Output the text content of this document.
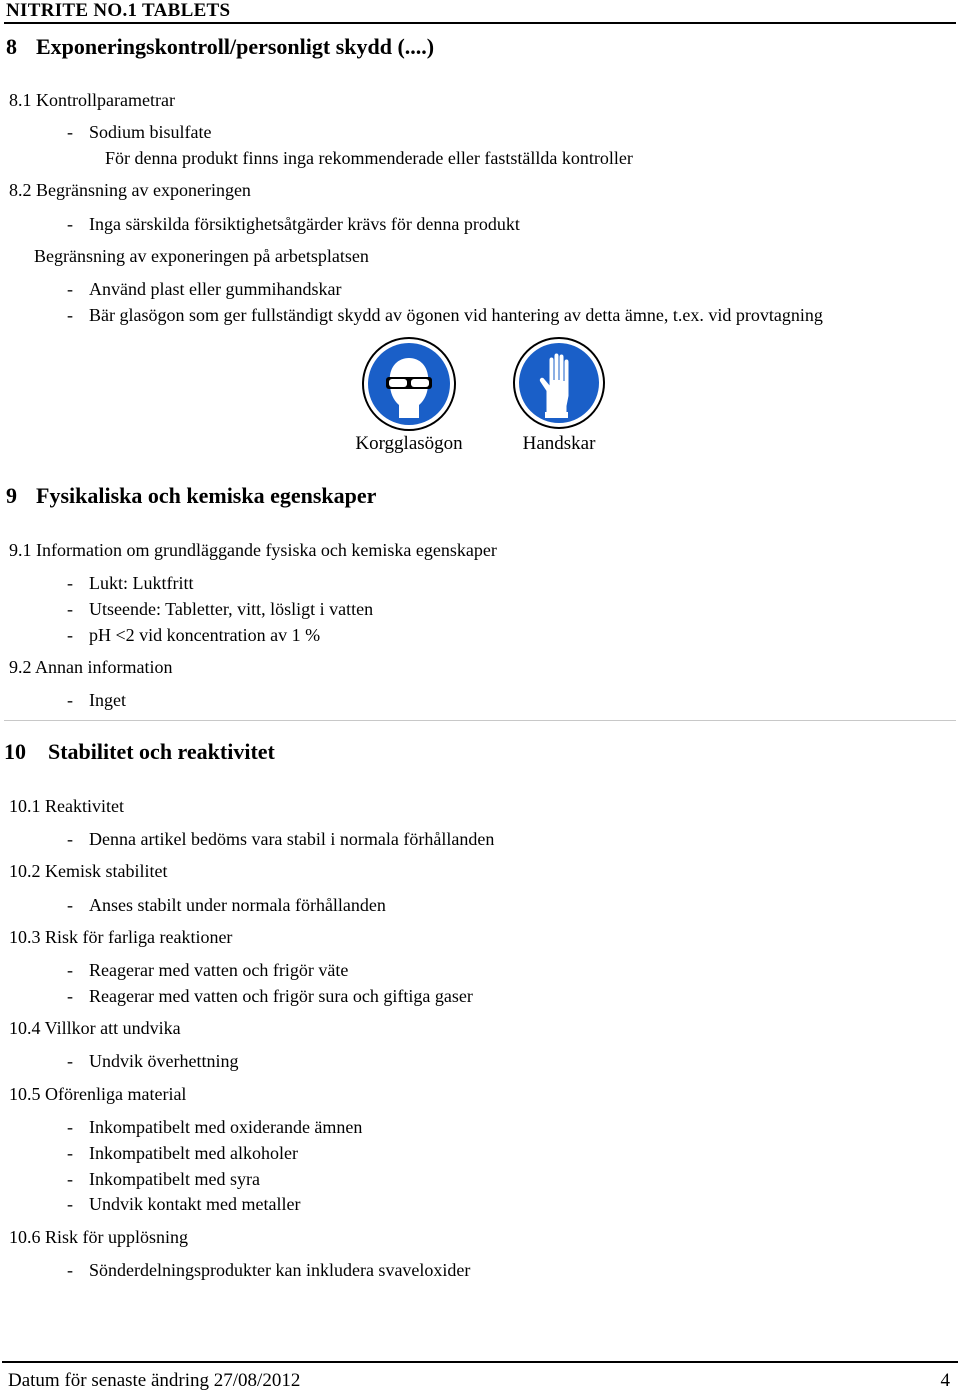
NITRITE NO.1 TABLETS
8 Exponeringskontroll/personligt skydd (....)
8.1 Kontrollparametrar
- Sodium bisulfate
För denna produkt finns inga rekommenderade eller fastställda kontroller
8.2 Begränsning av exponeringen
- Inga särskilda försiktighetsåtgärder krävs för denna produkt
Begränsning av exponeringen på arbetsplatsen
- Använd plast eller gummihandskar
- Bär glasögon som ger fullständigt skydd av ögonen vid hantering av detta ämne, t.ex. vid provtagning
Korgglasögon	Handskar
9 Fysikaliska och kemiska egenskaper
9.1 Information om grundläggande fysiska och kemiska egenskaper
- Lukt: Luktfritt
- Utseende: Tabletter, vitt, lösligt i vatten
- pH <2 vid koncentration av 1 %
9.2 Annan information
- Inget
10 Stabilitet och reaktivitet
10.1 Reaktivitet
- Denna artikel bedöms vara stabil i normala förhållanden
10.2 Kemisk stabilitet
- Anses stabilt under normala förhållanden
10.3 Risk för farliga reaktioner
- Reagerar med vatten och frigör väte
- Reagerar med vatten och frigör sura och giftiga gaser
10.4 Villkor att undvika
- Undvik överhettning
10.5 Oförenliga material
- Inkompatibelt med oxiderande ämnen
- Inkompatibelt med alkoholer
- Inkompatibelt med syra
- Undvik kontakt med metaller
10.6 Risk för upplösning
- Sönderdelningsprodukter kan inkludera svaveloxider
Datum för senaste ändring 27/08/2012	4
